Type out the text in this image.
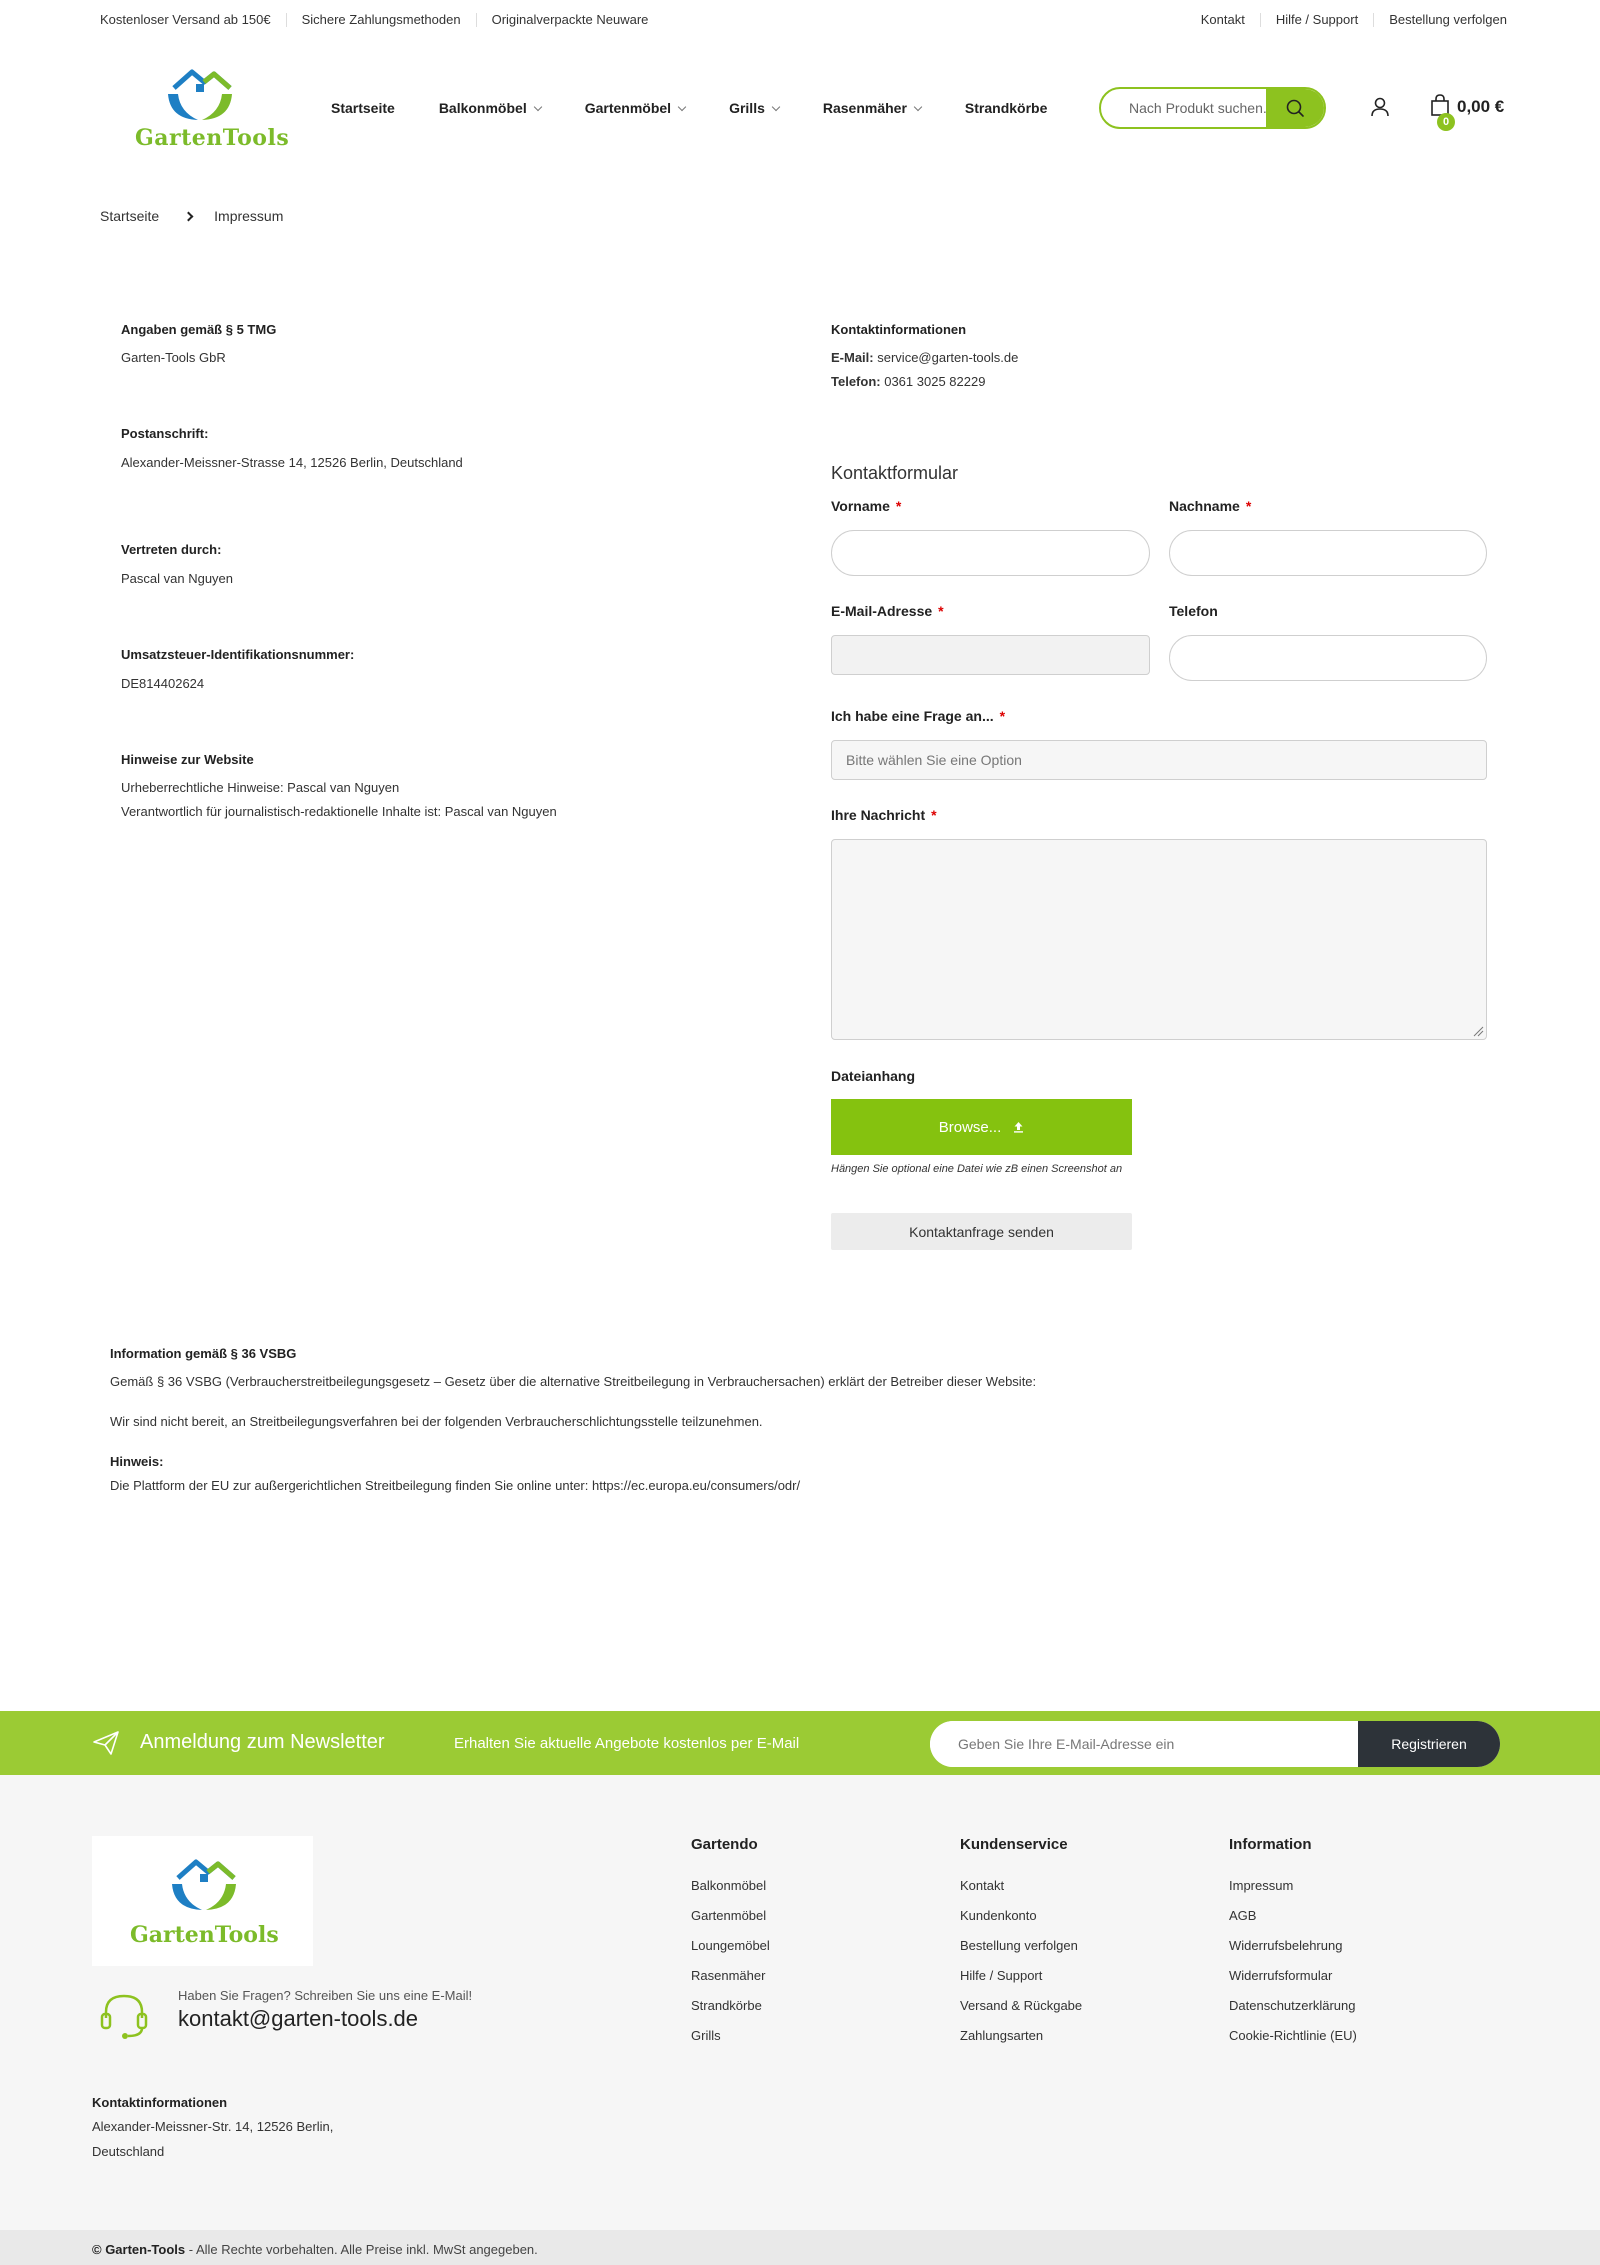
Kostenloser Versand ab 150€ Sichere Zahlungsmethoden Originalverpackte Neuware	Kontakt Hilfe / Support Bestellung verfolgen
GartenTools
Startseite	Balkonmöbel	Gartenmöbel	Grills	Rasenmäher	Strandkörbe
Nach Produkt suchen...
0
0,00 €
Startseite	Impressum
Angaben gemäß § 5 TMG
Garten-Tools GbR
Postanschrift:
Alexander-Meissner-Strasse 14, 12526 Berlin, Deutschland
Vertreten durch:
Pascal van Nguyen
Umsatzsteuer-Identifikationsnummer:
DE814402624
Hinweise zur Website
Urheberrechtliche Hinweise: Pascal van Nguyen
Verantwortlich für journalistisch-redaktionelle Inhalte ist: Pascal van Nguyen
Kontaktinformationen
E-Mail: service@garten-tools.de
Telefon: 0361 3025 82229
Kontaktformular
Vorname *	Nachname *
E-Mail-Adresse *	Telefon
Ich habe eine Frage an... *
Bitte wählen Sie eine Option
Ihre Nachricht *
Dateianhang
Browse...
Hängen Sie optional eine Datei wie zB einen Screenshot an
Kontaktanfrage senden
Information gemäß § 36 VSBG
Gemäß § 36 VSBG (Verbraucherstreitbeilegungsgesetz – Gesetz über die alternative Streitbeilegung in Verbrauchersachen) erklärt der Betreiber dieser Website:
Wir sind nicht bereit, an Streitbeilegungsverfahren bei der folgenden Verbraucherschlichtungsstelle teilzunehmen.
Hinweis:
Die Plattform der EU zur außergerichtlichen Streitbeilegung finden Sie online unter: https://ec.europa.eu/consumers/odr/
Anmeldung zum Newsletter	Erhalten Sie aktuelle Angebote kostenlos per E-Mail
Geben Sie Ihre E-Mail-Adresse ein	Registrieren
GartenTools
Haben Sie Fragen? Schreiben Sie uns eine E-Mail!
kontakt@garten-tools.de
Kontaktinformationen
Alexander-Meissner-Str. 14, 12526 Berlin,
Deutschland
Gartendo
Balkonmöbel
Gartenmöbel
Loungemöbel
Rasenmäher
Strandkörbe
Grills
Kundenservice
Kontakt
Kundenkonto
Bestellung verfolgen
Hilfe / Support
Versand & Rückgabe
Zahlungsarten
Information
Impressum
AGB
Widerrufsbelehrung
Widerrufsformular
Datenschutzerklärung
Cookie-Richtlinie (EU)
© Garten-Tools - Alle Rechte vorbehalten. Alle Preise inkl. MwSt angegeben.
